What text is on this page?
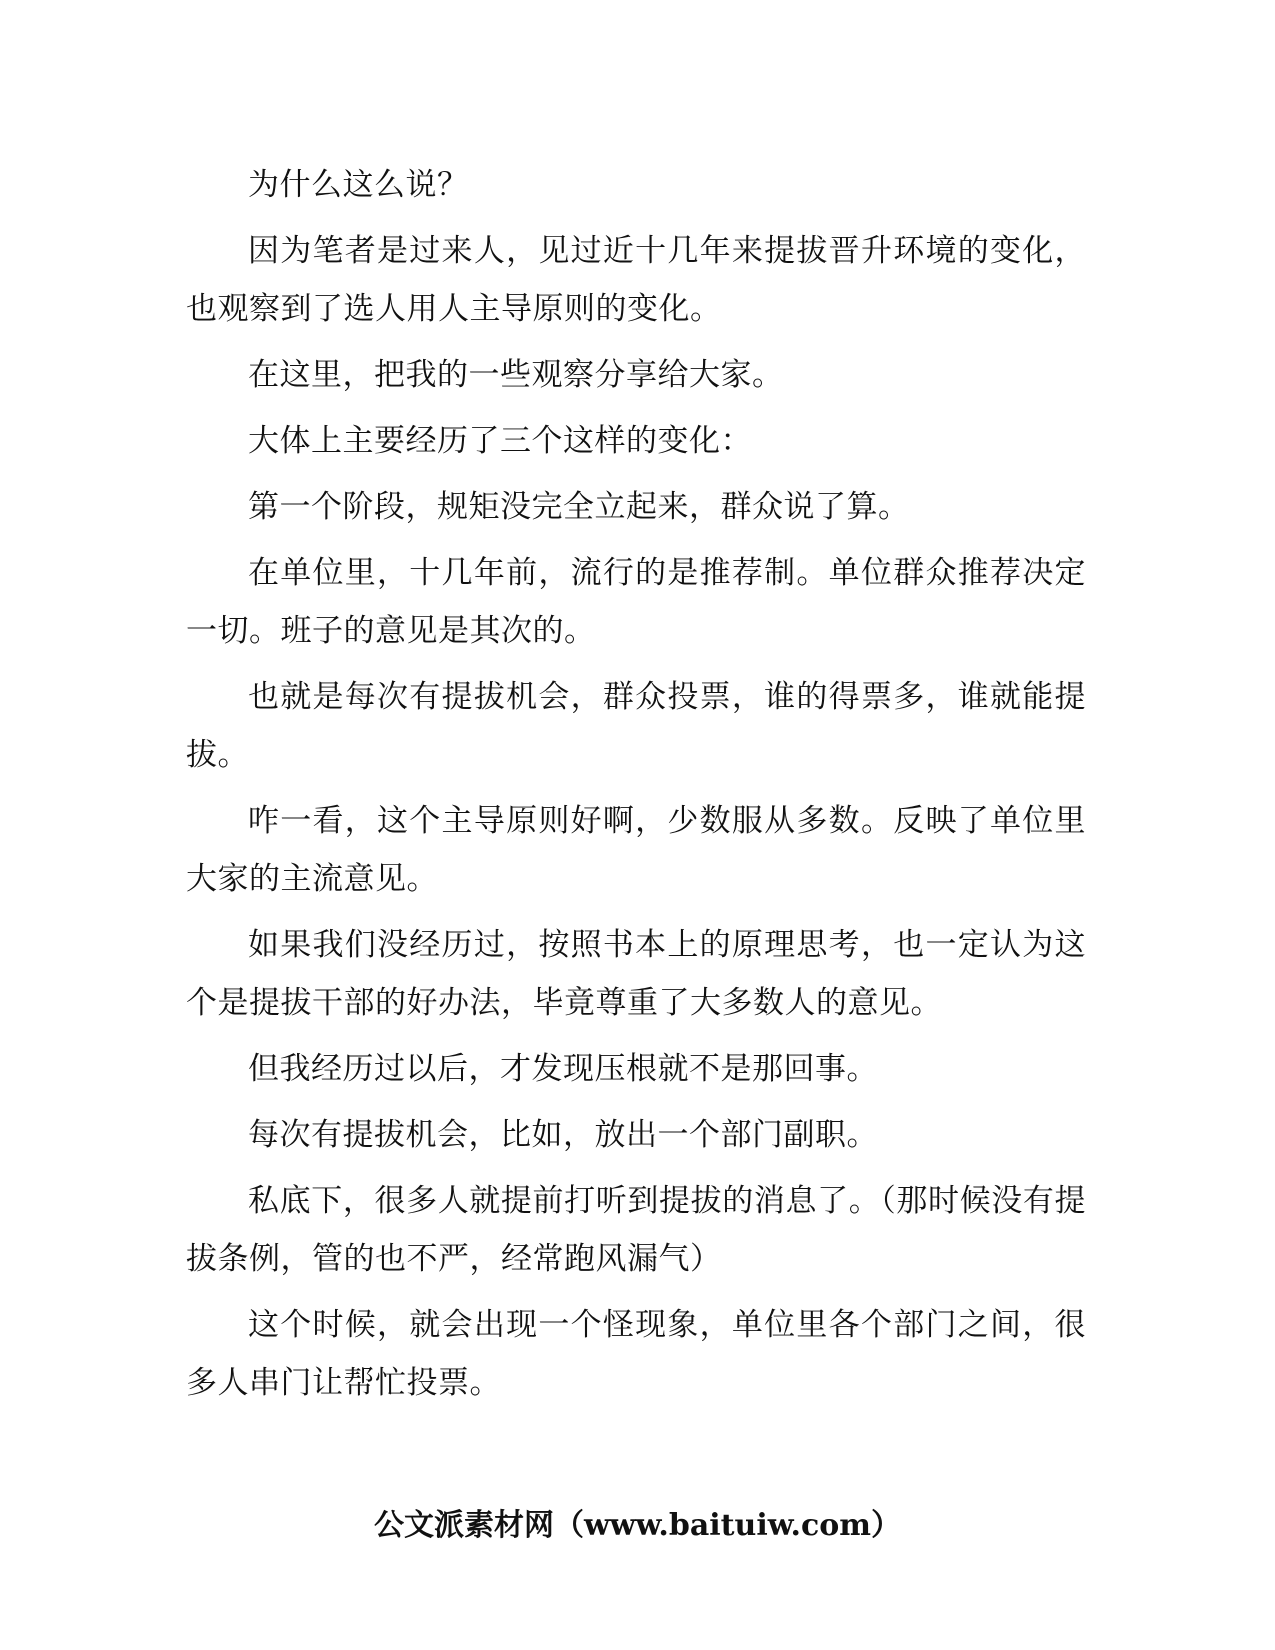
为什么这么说？

因为笔者是过来人，见过近十几年来提拔晋升环境的变化，也观察到了选人用人主导原则的变化。

在这里，把我的一些观察分享给大家。

大体上主要经历了三个这样的变化：

第一个阶段，规矩没完全立起来，群众说了算。

在单位里，十几年前，流行的是推荐制。单位群众推荐决定一切。班子的意见是其次的。

也就是每次有提拔机会，群众投票，谁的得票多，谁就能提拔。

咋一看，这个主导原则好啊，少数服从多数。反映了单位里大家的主流意见。

如果我们没经历过，按照书本上的原理思考，也一定认为这个是提拔干部的好办法，毕竟尊重了大多数人的意见。

但我经历过以后，才发现压根就不是那回事。

每次有提拔机会，比如，放出一个部门副职。

私底下，很多人就提前打听到提拔的消息了。（那时候没有提拔条例，管的也不严，经常跑风漏气）

这个时候，就会出现一个怪现象，单位里各个部门之间，很多人串门让帮忙投票。

公文派素材网（www.baituiw.com）
